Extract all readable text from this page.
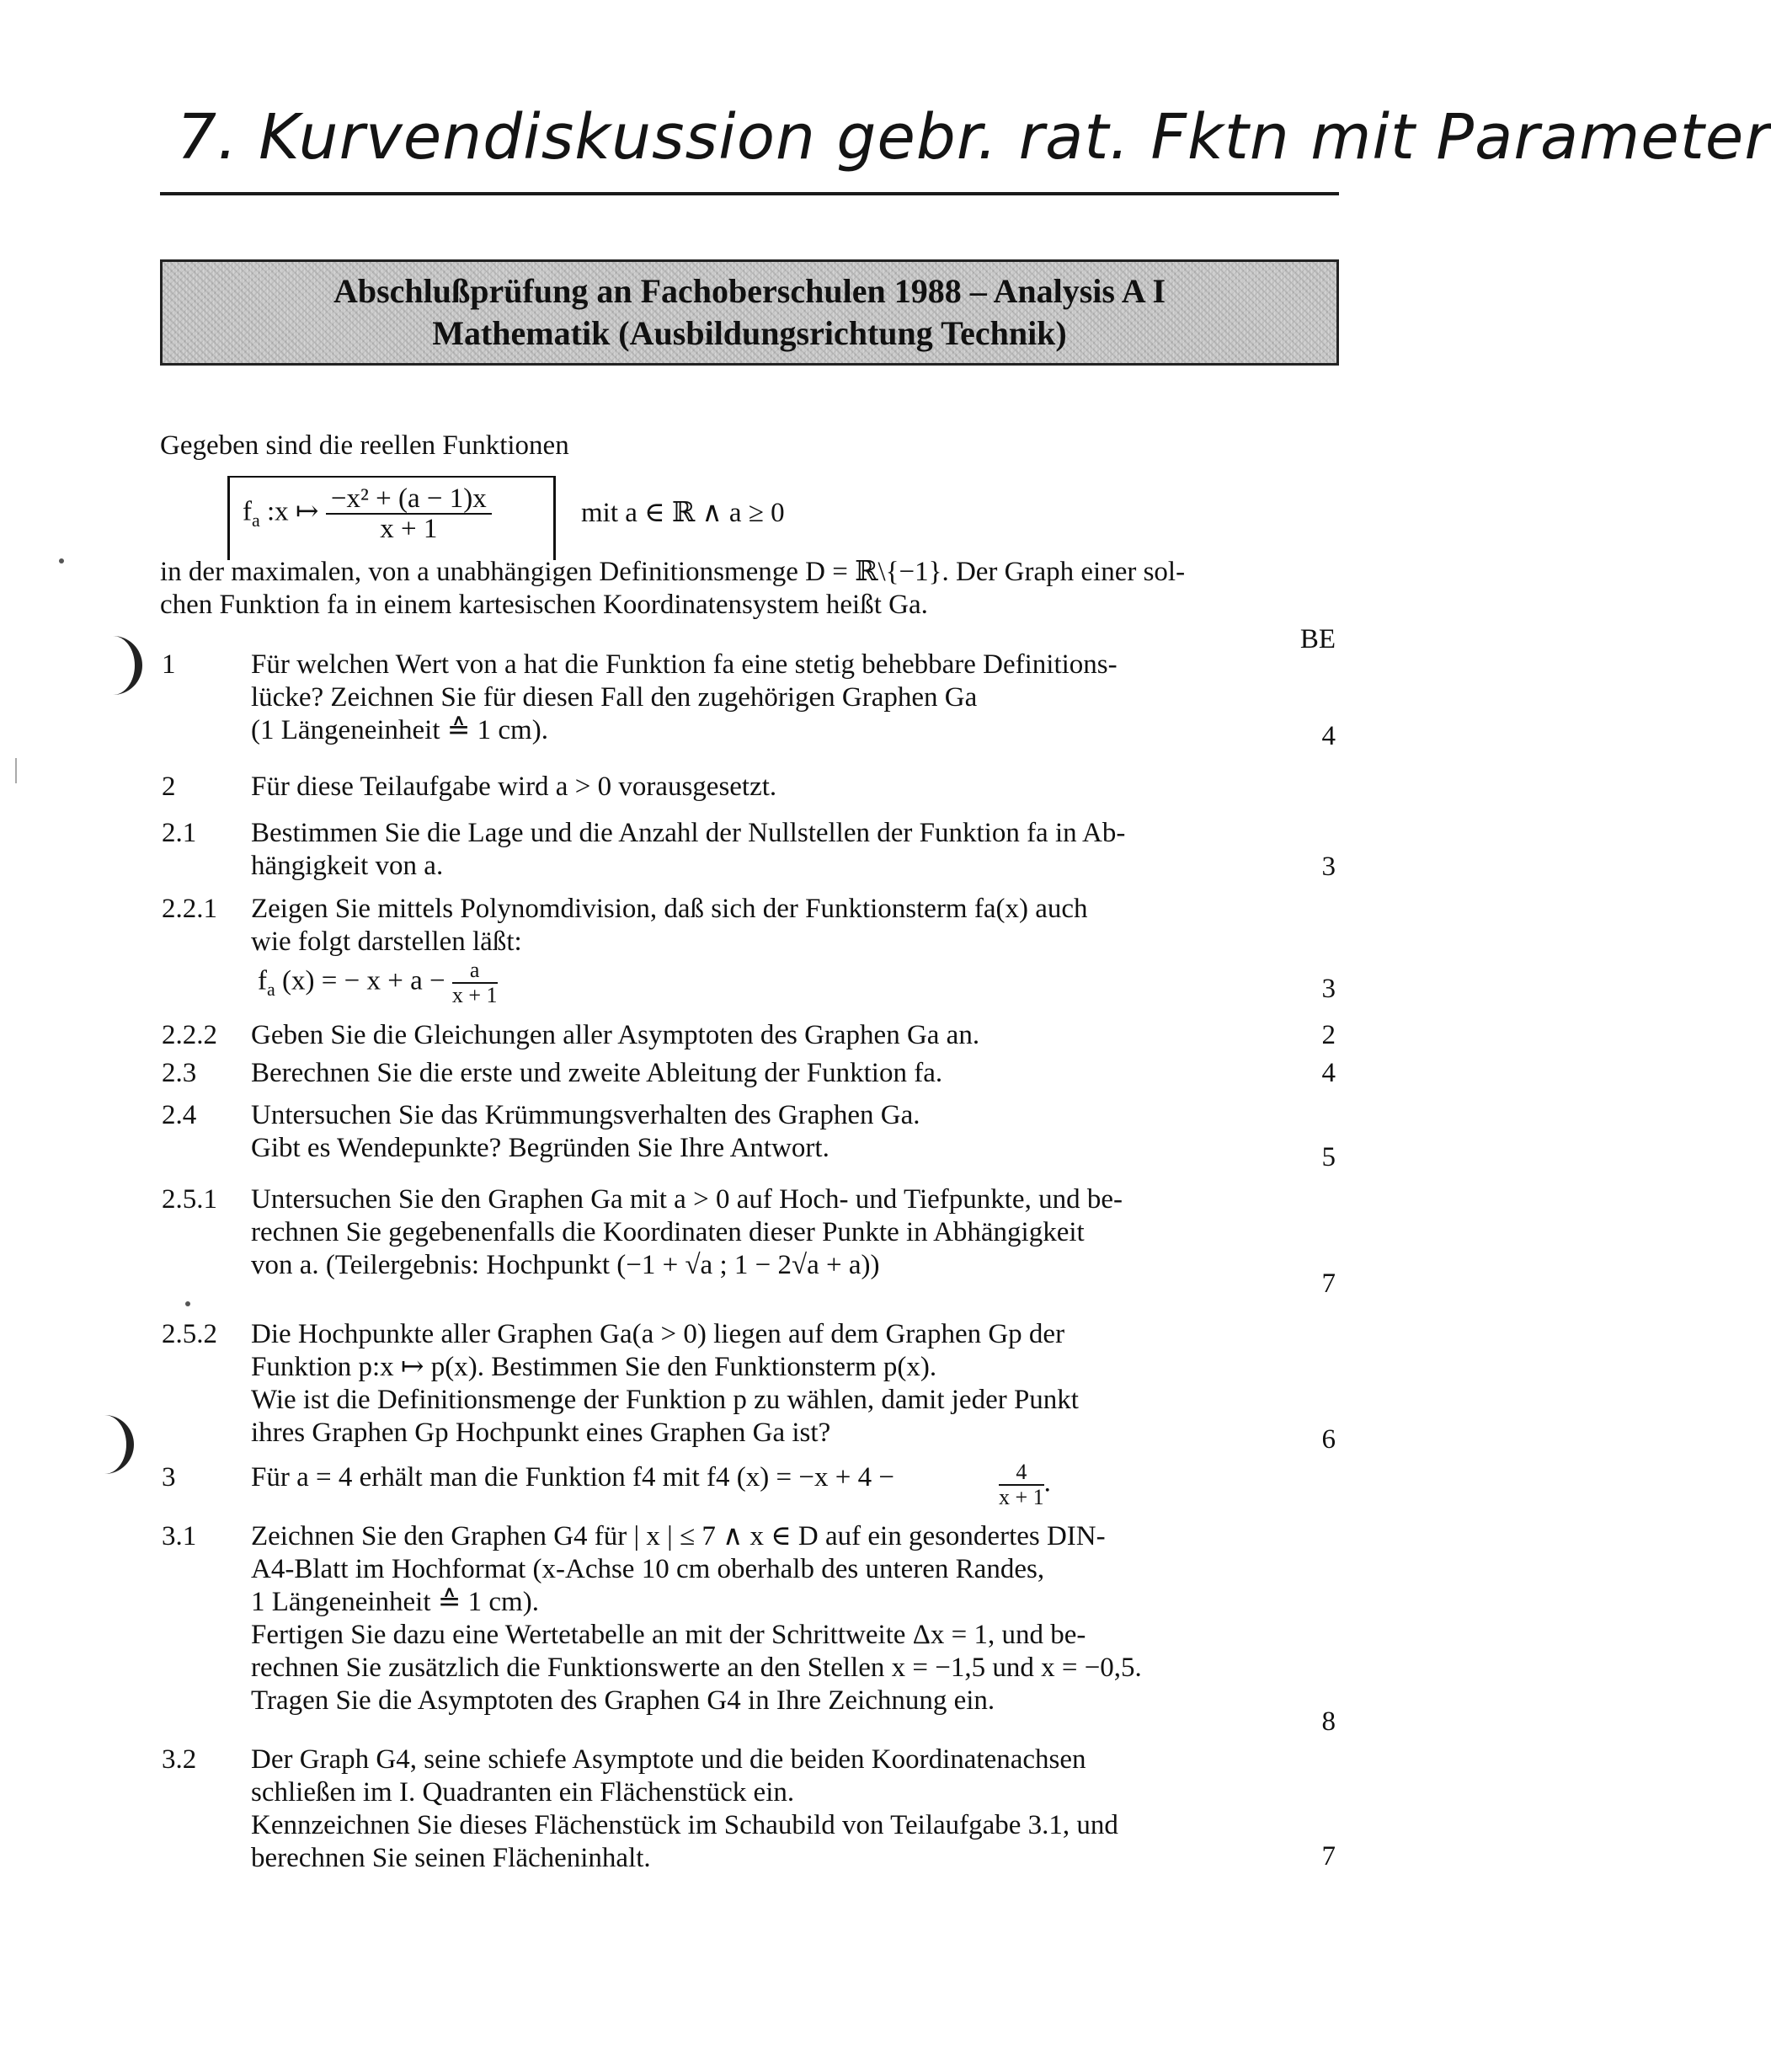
7. Kurvendiskussion gebr. rat. Fktn mit Parameter
Abschlußprüfung an Fachoberschulen 1988 – Analysis A I
Mathematik (Ausbildungsrichtung Technik)
Gegeben sind die reellen Funktionen
$f_a$ :x ↦ $\frac{\text{−x² + (a − 1)x}}{x + 1}$	mit a ∈ ℝ ∧ a ≥ 0
in der maximalen, von a unabhängigen Definitionsmenge D = ℝ\{−1}. Der Graph einer sol-
chen Funktion fa in einem kartesischen Koordinatensystem heißt Ga.
BE
1	Für welchen Wert von a hat die Funktion fa eine stetig behebbare Definitions-
lücke? Zeichnen Sie für diesen Fall den zugehörigen Graphen Ga
(1 Längeneinheit ≙ 1 cm).	4
2	Für diese Teilaufgabe wird a > 0 vorausgesetzt.
2.1 Bestimmen Sie die Lage und die Anzahl der Nullstellen der Funktion fa in Ab-
hängigkeit von a.	3
2.2.1 Zeigen Sie mittels Polynomdivision, daß sich der Funktionsterm fa(x) auch
wie folgt darstellen läßt:
3
2.2.2 Geben Sie die Gleichungen aller Asymptoten des Graphen Ga an.	2
2.3 Berechnen Sie die erste und zweite Ableitung der Funktion fa.	4
2.4 Untersuchen Sie das Krümmungsverhalten des Graphen Ga.
Gibt es Wendepunkte? Begründen Sie Ihre Antwort.	5
2.5.1 Untersuchen Sie den Graphen Ga mit a > 0 auf Hoch- und Tiefpunkte, und be-
rechnen Sie gegebenenfalls die Koordinaten dieser Punkte in Abhängigkeit
von a. (Teilergebnis: Hochpunkt (−1 + √a ; 1 − 2√a + a))
7
2.5.2 Die Hochpunkte aller Graphen Ga(a > 0) liegen auf dem Graphen Gp der
Funktion p:x ↦ p(x). Bestimmen Sie den Funktionsterm p(x).
Wie ist die Definitionsmenge der Funktion p zu wählen, damit jeder Punkt
ihres Graphen Gp Hochpunkt eines Graphen Ga ist?	6
3	Für a = 4 erhält man die Funktion f4 mit f4 (x) = −x + 4 −
3.1 Zeichnen Sie den Graphen G4 für | x | ≤ 7 ∧ x ∈ D auf ein gesondertes DIN-
A4-Blatt im Hochformat (x-Achse 10 cm oberhalb des unteren Randes,
1 Längeneinheit ≙ 1 cm).
Fertigen Sie dazu eine Wertetabelle an mit der Schrittweite Δx = 1, und be-
rechnen Sie zusätzlich die Funktionswerte an den Stellen x = −1,5 und x = −0,5.
Tragen Sie die Asymptoten des Graphen G4 in Ihre Zeichnung ein.
8
3.2 Der Graph G4, seine schiefe Asymptote und die beiden Koordinatenachsen
schließen im I. Quadranten ein Flächenstück ein.
Kennzeichnen Sie dieses Flächenstück im Schaubild von Teilaufgabe 3.1, und
berechnen Sie seinen Flächeninhalt.	7
$f_a$ (x) = − $x + a - \frac{a}{x + 1}$
$\frac{4}{x + 1}$ .
